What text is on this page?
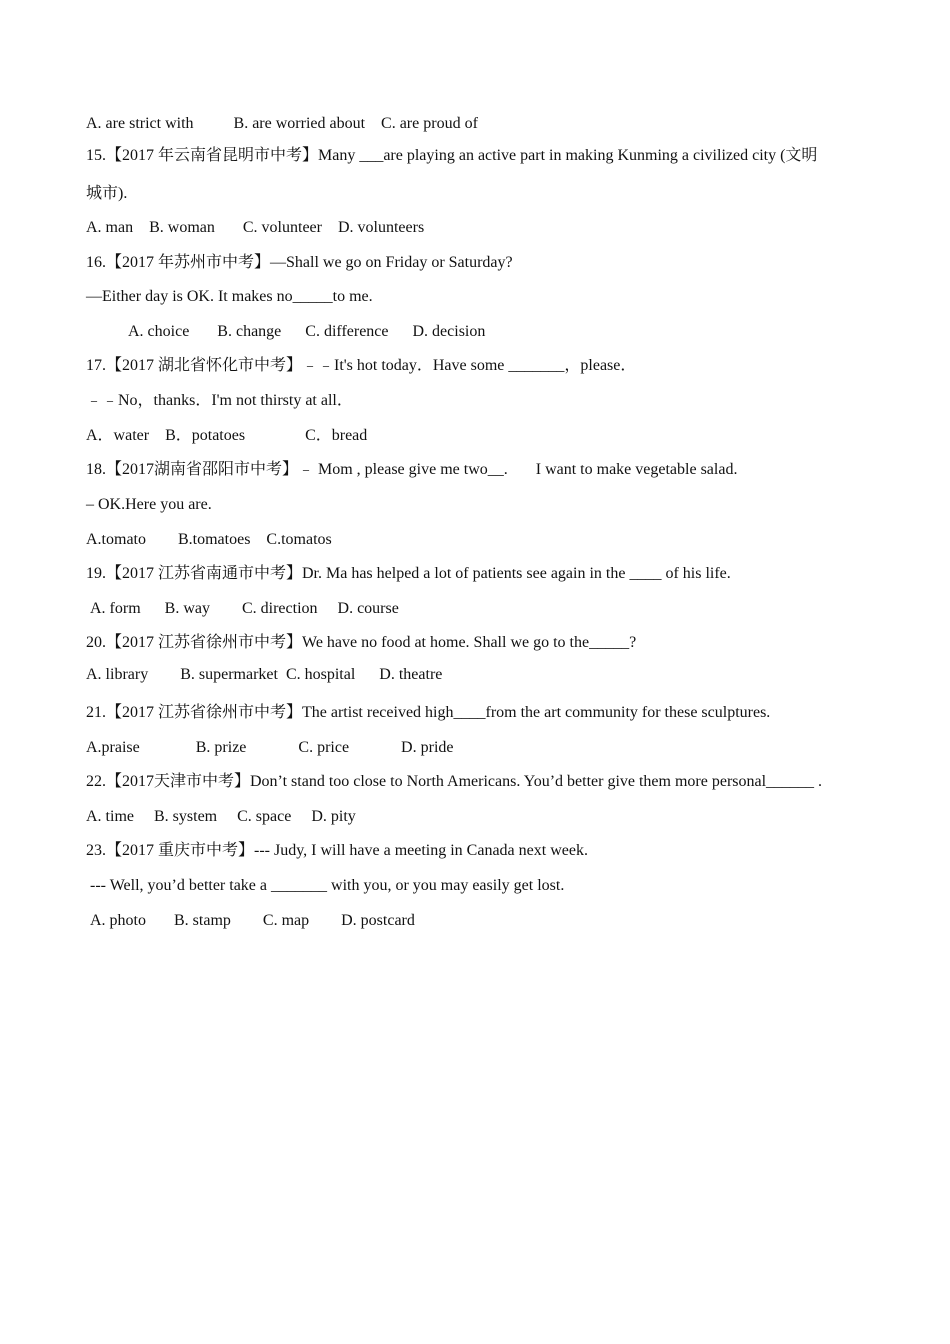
A. are strict with          B. are worried about    C. are proud of
15.【2017 年云南省昆明市中考】Many ___are playing an active part in making Kunming a civilized city (文明
城市).
A. man    B. woman       C. volunteer    D. volunteers
16.【2017 年苏州市中考】—Shall we go on Friday or Saturday?
—Either day is OK. It makes no_____to me.
A. choice       B. change      C. difference      D. decision
17.【2017 湖北省怀化市中考】﹣﹣It's hot today．Have some _______，please．
﹣﹣No，thanks．I'm not thirsty at all．
A．water    B．potatoes               C．bread
18.【2017湖南省邵阳市中考】﹣ Mom , please give me two__.       I want to make vegetable salad.
– OK.Here you are.
A.tomato        B.tomatoes    C.tomatos
19.【2017 江苏省南通市中考】Dr. Ma has helped a lot of patients see again in the ____ of his life.
A. form      B. way        C. direction     D. course
20.【2017 江苏省徐州市中考】We have no food at home. Shall we go to the_____?
A. library        B. supermarket  C. hospital      D. theatre
21.【2017 江苏省徐州市中考】The artist received high____from the art community for these sculptures.
A.praise              B. prize             C. price             D. pride
22.【2017天津市中考】Don’t stand too close to North Americans. You’d better give them more personal______ .
A. time     B. system     C. space     D. pity
23.【2017 重庆市中考】--- Judy, I will have a meeting in Canada next week.
--- Well, you’d better take a _______ with you, or you may easily get lost.
A. photo       B. stamp        C. map        D. postcard
